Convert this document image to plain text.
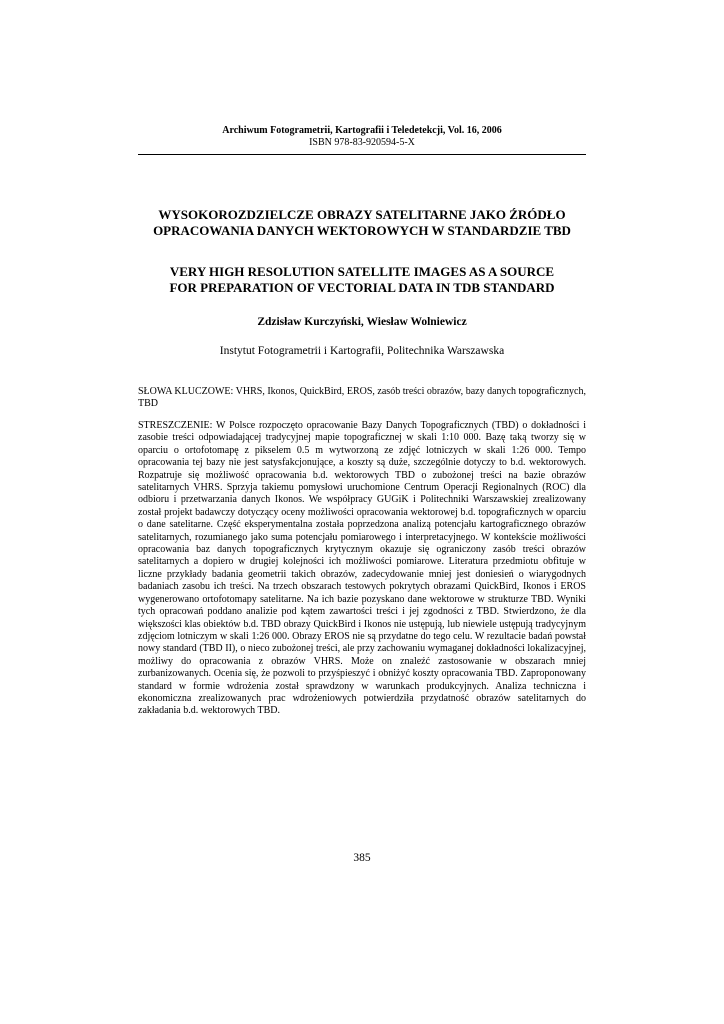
Archiwum Fotogrametrii, Kartografii i Teledetekcji, Vol. 16, 2006
ISBN 978-83-920594-5-X
WYSOKOROZDZIELCZE OBRAZY SATELITARNE JAKO ŹRÓDŁO
OPRACOWANIA DANYCH WEKTOROWYCH W STANDARDZIE TBD
VERY HIGH RESOLUTION SATELLITE IMAGES AS A SOURCE
FOR PREPARATION OF VECTORIAL DATA IN TDB STANDARD
Zdzisław Kurczyński, Wiesław Wolniewicz
Instytut Fotogrametrii i Kartografii, Politechnika Warszawska
SŁOWA KLUCZOWE: VHRS, Ikonos, QuickBird, EROS, zasób treści obrazów, bazy danych topograficznych, TBD
STRESZCZENIE: W Polsce rozpoczęto opracowanie Bazy Danych Topograficznych (TBD) o dokładności i zasobie treści odpowiadającej tradycyjnej mapie topograficznej w skali 1:10 000. Bazę taką tworzy się w oparciu o ortofotomapę z pikselem 0.5 m wytworzoną ze zdjęć lotniczych w skali 1:26 000. Tempo opracowania tej bazy nie jest satysfakcjonujące, a koszty są duże, szczególnie dotyczy to b.d. wektorowych. Rozpatruje się możliwość opracowania b.d. wektorowych TBD o zubożonej treści na bazie obrazów satelitarnych VHRS. Sprzyja takiemu pomysłowi uruchomione Centrum Operacji Regionalnych (ROC) dla odbioru i przetwarzania danych Ikonos. We współpracy GUGiK i Politechniki Warszawskiej zrealizowany został projekt badawczy dotyczący oceny możliwości opracowania wektorowej b.d. topograficznych w oparciu o dane satelitarne. Część eksperymentalna została poprzedzona analizą potencjału kartograficznego obrazów satelitarnych, rozumianego jako suma potencjału pomiarowego i interpretacyjnego. W kontekście możliwości opracowania baz danych topograficznych krytycznym okazuje się ograniczony zasób treści obrazów satelitarnych a dopiero w drugiej kolejności ich możliwości pomiarowe. Literatura przedmiotu obfituje w liczne przykłady badania geometrii takich obrazów, zadecydowanie mniej jest doniesień o wiarygodnych badaniach zasobu ich treści. Na trzech obszarach testowych pokrytych obrazami QuickBird, Ikonos i EROS wygenerowano ortofotomapy satelitarne. Na ich bazie pozyskano dane wektorowe w strukturze TBD. Wyniki tych opracowań poddano analizie pod kątem zawartości treści i jej zgodności z TBD. Stwierdzono, że dla większości klas obiektów b.d. TBD obrazy QuickBird i Ikonos nie ustępują, lub niewiele ustępują tradycyjnym zdjęciom lotniczym w skali 1:26 000. Obrazy EROS nie są przydatne do tego celu. W rezultacie badań powstał nowy standard (TBD II), o nieco zubożonej treści, ale przy zachowaniu wymaganej dokładności lokalizacyjnej, możliwy do opracowania z obrazów VHRS. Może on znaleźć zastosowanie w obszarach mniej zurbanizowanych. Ocenia się, że pozwoli to przyśpieszyć i obniżyć koszty opracowania TBD. Zaproponowany standard w formie wdrożenia został sprawdzony w warunkach produkcyjnych. Analiza techniczna i ekonomiczna zrealizowanych prac wdrożeniowych potwierdziła przydatność obrazów satelitarnych do zakładania b.d. wektorowych TBD.
385
